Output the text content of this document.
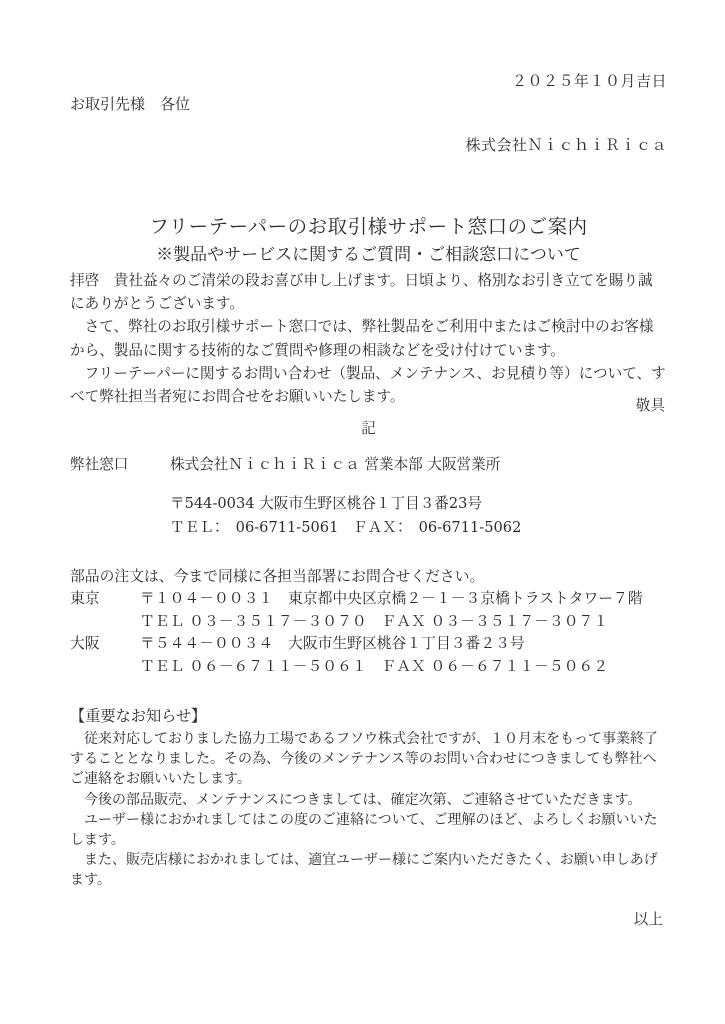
２０２５年１０月吉日

お取引先様　各位

株式会社ＮｉｃｈｉＲｉｃａ

フリーテーパーのお取引様サポート窓口のご案内
※製品やサービスに関するご質問・ご相談窓口について

拝啓　貴社益々のご清栄の段お喜び申し上げます。日頃より、格別なお引き立てを賜り誠にありがとうございます。

　さて、弊社のお取引様サポート窓口では、弊社製品をご利用中またはご検討中のお客様から、製品に関する技術的なご質問や修理の相談などを受け付けています。

　フリーテーパーに関するお問い合わせ（製品、メンテナンス、お見積り等）について、すべて弊社担当者宛にお問合せをお願いいたします。

敬具

記

弊社窓口	株式会社ＮｉｃｈｉＲｉｃａ 営業本部 大阪営業所

〒544-0034 大阪市生野区桃谷１丁目３番23号

ＴＥＬ：　06-6711-5061　ＦＡＸ：　06-6711-5062

部品の注文は、今まで同様に各担当部署にお問合せください。

東京	〒１０４－００３１　東京都中央区京橋２－１－３京橋トラストタワー７階

ＴＥＬ ０３－３５１７－３０７０　ＦＡＸ ０３－３５１７－３０７１

大阪	〒５４４－００３４　大阪市生野区桃谷１丁目３番２３号

ＴＥＬ ０６－６７１１－５０６１　ＦＡＸ ０６－６７１１－５０６２

【重要なお知らせ】

　従来対応しておりました協力工場であるフソウ株式会社ですが、１０月末をもって事業終了することとなりました。その為、今後のメンテナンス等のお問い合わせにつきましても弊社へご連絡をお願いいたします。

　今後の部品販売、メンテナンスにつきましては、確定次第、ご連絡させていただきます。

　ユーザー様におかれましてはこの度のご連絡について、ご理解のほど、よろしくお願いいたします。

　また、販売店様におかれましては、適宜ユーザー様にご案内いただきたく、お願い申しあげます。

以上
